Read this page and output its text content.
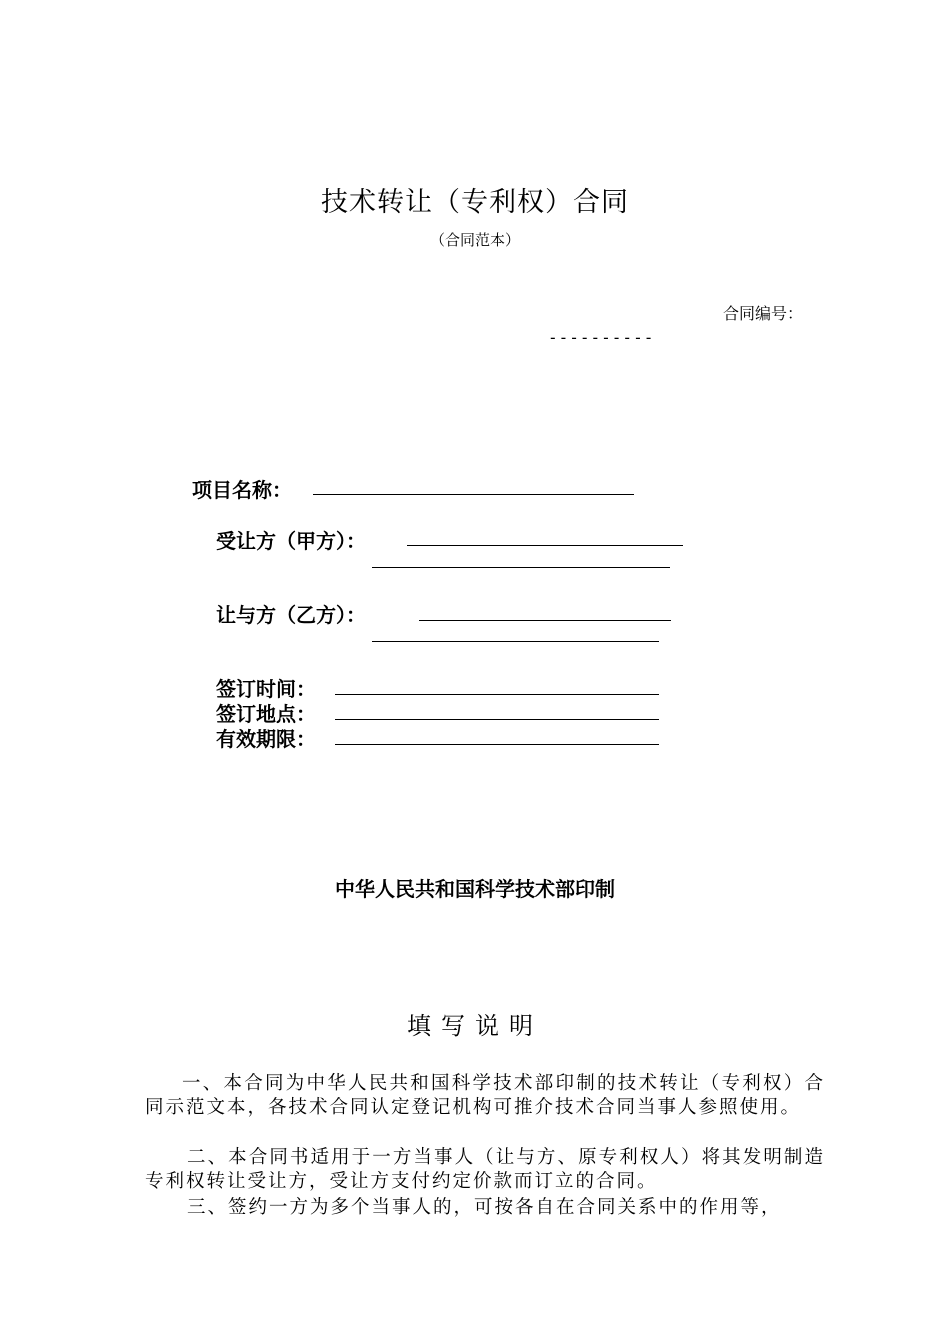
技术转让（专利权）合同
（合同范本）
合同编号：
----------
项目名称：
受让方（甲方）：
让与方（乙方）：
签订时间：
签订地点：
有效期限：
中华人民共和国科学技术部印制
填写说明
一、本合同为中华人民共和国科学技术部印制的技术转让（专利权）合同示范文本，各技术合同认定登记机构可推介技术合同当事人参照使用。
二、本合同书适用于一方当事人（让与方、原专利权人）将其发明制造专利权转让受让方，受让方支付约定价款而订立的合同。
三、签约一方为多个当事人的，可按各自在合同关系中的作用等，
